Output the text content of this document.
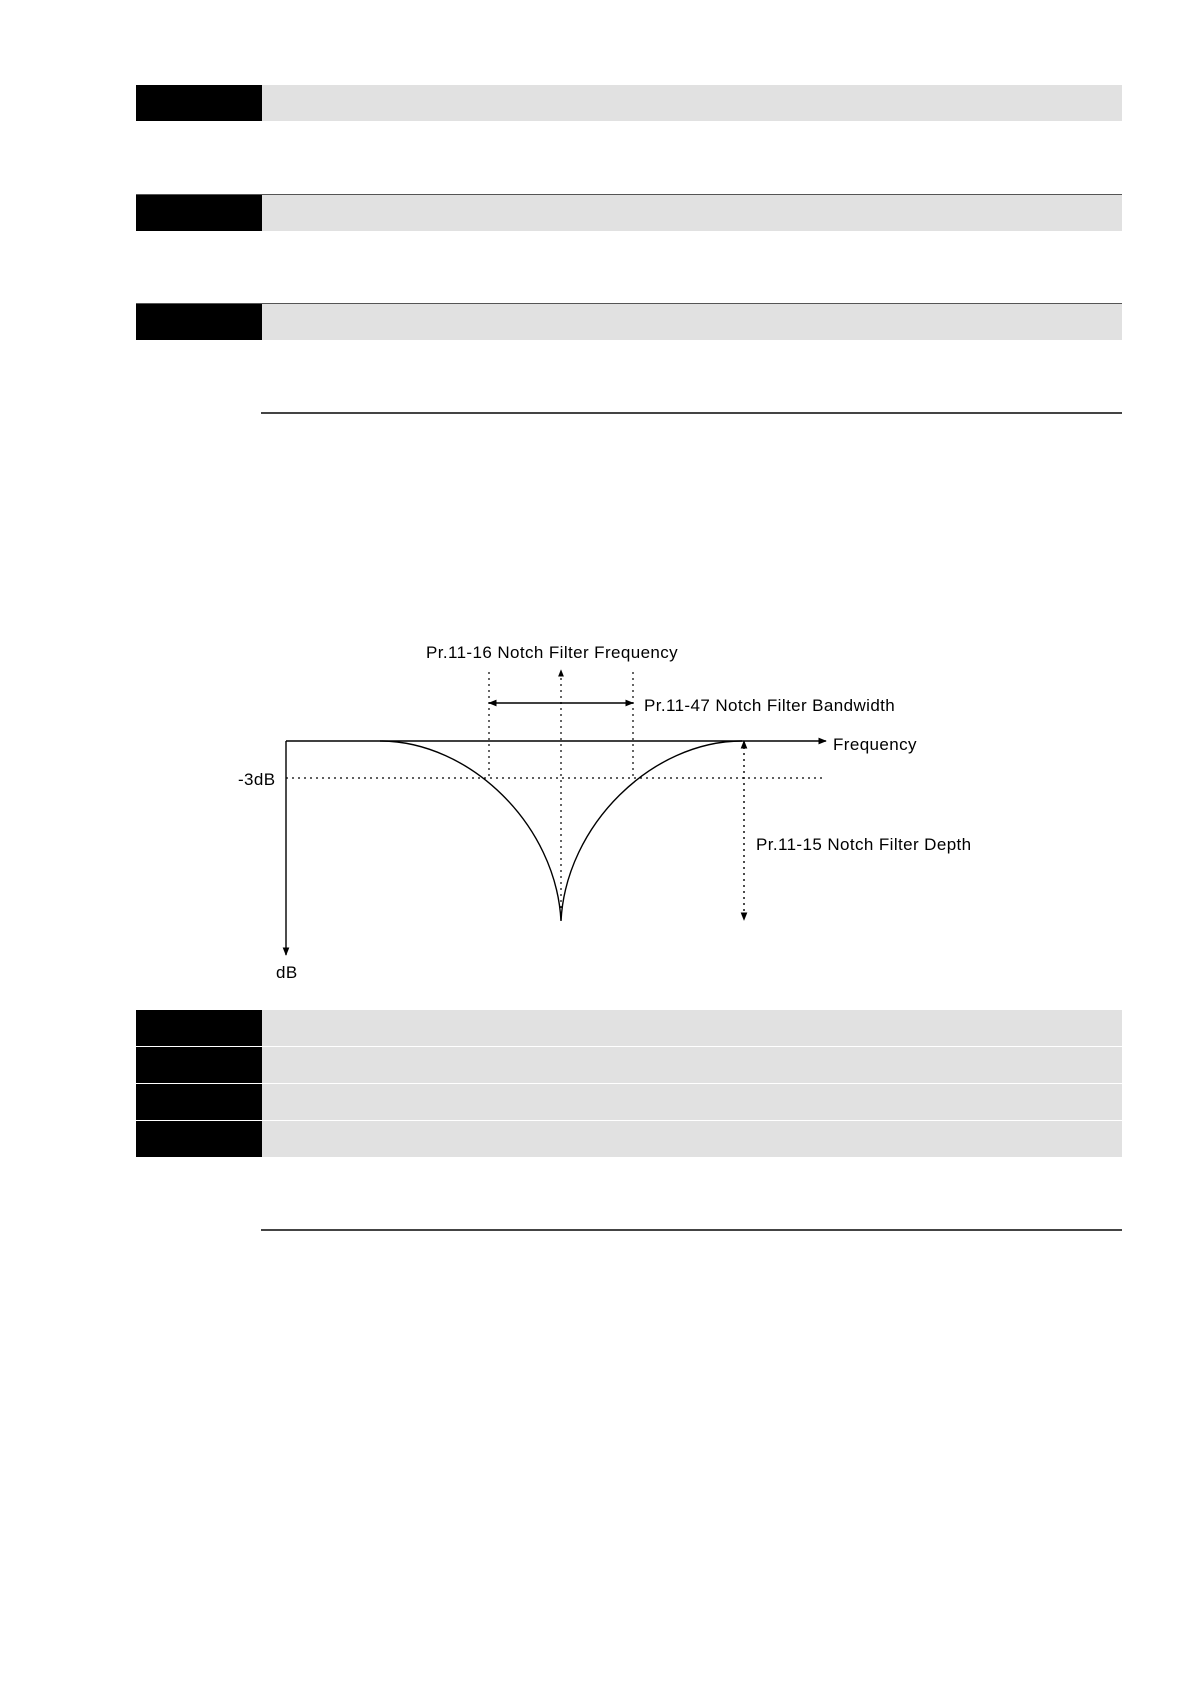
Pr.11-16 Notch Filter Frequency
Pr.11-47 Notch Filter Bandwidth
Frequency
-3dB
Pr.11-15 Notch Filter Depth
dB
